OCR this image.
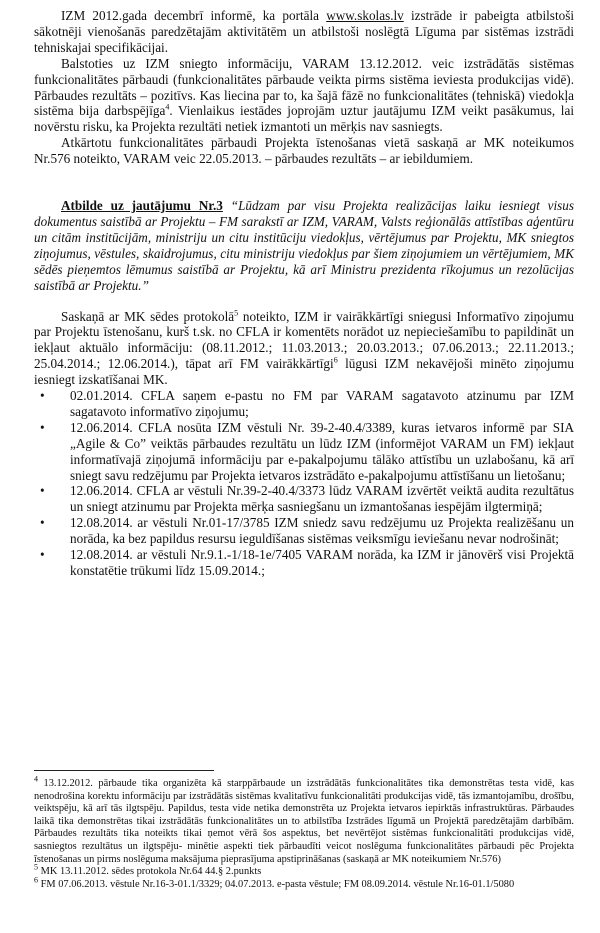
IZM 2012.gada decembrī informē, ka portāla www.skolas.lv izstrāde ir pabeigta atbilstoši sākotnēji vienošanās paredzētajām aktivitātēm un atbilstoši noslēgtā Līguma par sistēmas izstrādi tehniskajai specifikācijai.

Balstoties uz IZM sniegto informāciju, VARAM 13.12.2012. veic izstrādātās sistēmas funkcionalitātes pārbaudi (funkcionalitātes pārbaude veikta pirms sistēma ieviesta produkcijas vidē). Pārbaudes rezultāts – pozitīvs. Kas liecina par to, ka šajā fāzē no funkcionalitātes (tehniskā) viedokļa sistēma bija darbspējīga$^4$. Vienlaikus iestādes joprojām uztur jautājumu IZM veikt pasākumus, lai novērstu risku, ka Projekta rezultāti netiek izmantoti un mērķis nav sasniegts.

Atkārtotu funkcionalitātes pārbaudi Projekta īstenošanas vietā saskaņā ar MK noteikumos Nr.576 noteikto, VARAM veic 22.05.2013. – pārbaudes rezultāts – ar iebildumiem.

Atbilde uz jautājumu Nr.3 “Lūdzam par visu Projekta realizācijas laiku iesniegt visus dokumentus saistībā ar Projektu – FM sarakstī ar IZM, VARAM, Valsts reģionālās attīstības aģentūru un citām institūcijām, ministriju un citu institūciju viedokļus, vērtējumus par Projektu, MK sniegtos ziņojumus, vēstules, skaidrojumus, citu ministriju viedokļus par šiem ziņojumiem un vērtējumiem, MK sēdēs pieņemtos lēmumus saistībā ar Projektu, kā arī Ministru prezidenta rīkojumus un rezolūcijas saistībā ar Projektu.”

Saskaņā ar MK sēdes protokolā$^5$ noteikto, IZM ir vairākkārtīgi sniegusi Informatīvo ziņojumu par Projektu īstenošanu, kurš t.sk. no CFLA ir komentēts norādot uz nepieciešamību to papildināt un iekļaut aktuālo informāciju: (08.11.2012.; 11.03.2013.; 20.03.2013.; 07.06.2013.; 22.11.2013.; 25.04.2014.; 12.06.2014.), tāpat arī FM vairākkārtīgi$^6$ lūgusi IZM nekavējoši minēto ziņojumu iesniegt izskatīšanai MK.

• 02.01.2014. CFLA saņem e-pastu no FM par VARAM sagatavoto atzinumu par IZM sagatavoto informatīvo ziņojumu;
• 12.06.2014. CFLA nosūta IZM vēstuli Nr. 39-2-40.4/3389, kuras ietvaros informē par SIA „Agile & Co” veiktās pārbaudes rezultātu un lūdz IZM (informējot VARAM un FM) iekļaut informatīvajā ziņojumā informāciju par e-pakalpojumu tālāko attīstību un uzlabošanu, kā arī sniegt savu redzējumu par Projekta ietvaros izstrādāto e-pakalpojumu attīstīšanu un lietošanu;
• 12.06.2014. CFLA ar vēstuli Nr.39-2-40.4/3373 lūdz VARAM izvērtēt veiktā audita rezultātus un sniegt atzinumu par Projekta mērķa sasniegšanu un izmantošanas iespējām ilgtermiņā;
• 12.08.2014. ar vēstuli Nr.01-17/3785 IZM sniedz savu redzējumu uz Projekta realizēšanu un norāda, ka bez papildus resursu ieguldīšanas sistēmas veiksmīgu ieviešanu nevar nodrošināt;
• 12.08.2014. ar vēstuli Nr.9.1.-1/18-1e/7405 VARAM norāda, ka IZM ir jānovērš visi Projektā konstatētie trūkumi līdz 15.09.2014.;

$^4$ 13.12.2012. pārbaude tika organizēta kā starppārbaude un izstrādātās funkcionalitātes tika demonstrētas testa vidē, kas nenodrošina korektu informāciju par izstrādātās sistēmas kvalitatīvu funkcionalitāti produkcijas vidē, tās izmantojamību, drošību, veiktspēju, kā arī tās ilgtspēju. Papildus, testa vide netika demonstrēta uz Projekta ietvaros iepirktās infrastruktūras. Pārbaudes laikā tika demonstrētas tikai izstrādātās funkcionalitātes un to atbilstība Izstrādes līgumā un Projektā paredzētajām darbībām. Pārbaudes rezultāts tika noteikts tikai ņemot vērā šos aspektus, bet nevērtējot sistēmas funkcionalitāti produkcijas vidē, sasniegtos rezultātus un ilgtspēju- minētie aspekti tiek pārbaudīti veicot noslēguma funkcionalitātes pārbaudi pēc Projekta īstenošanas un pirms noslēguma maksājuma pieprasījuma apstiprināšanas (saskaņā ar MK noteikumiem Nr.576)

$^5$ MK 13.11.2012. sēdes protokola Nr.64 44.§ 2.punkts

$^6$ FM 07.06.2013. vēstule Nr.16-3-01.1/3329; 04.07.2013. e-pasta vēstule; FM 08.09.2014. vēstule Nr.16-01.1/5080
